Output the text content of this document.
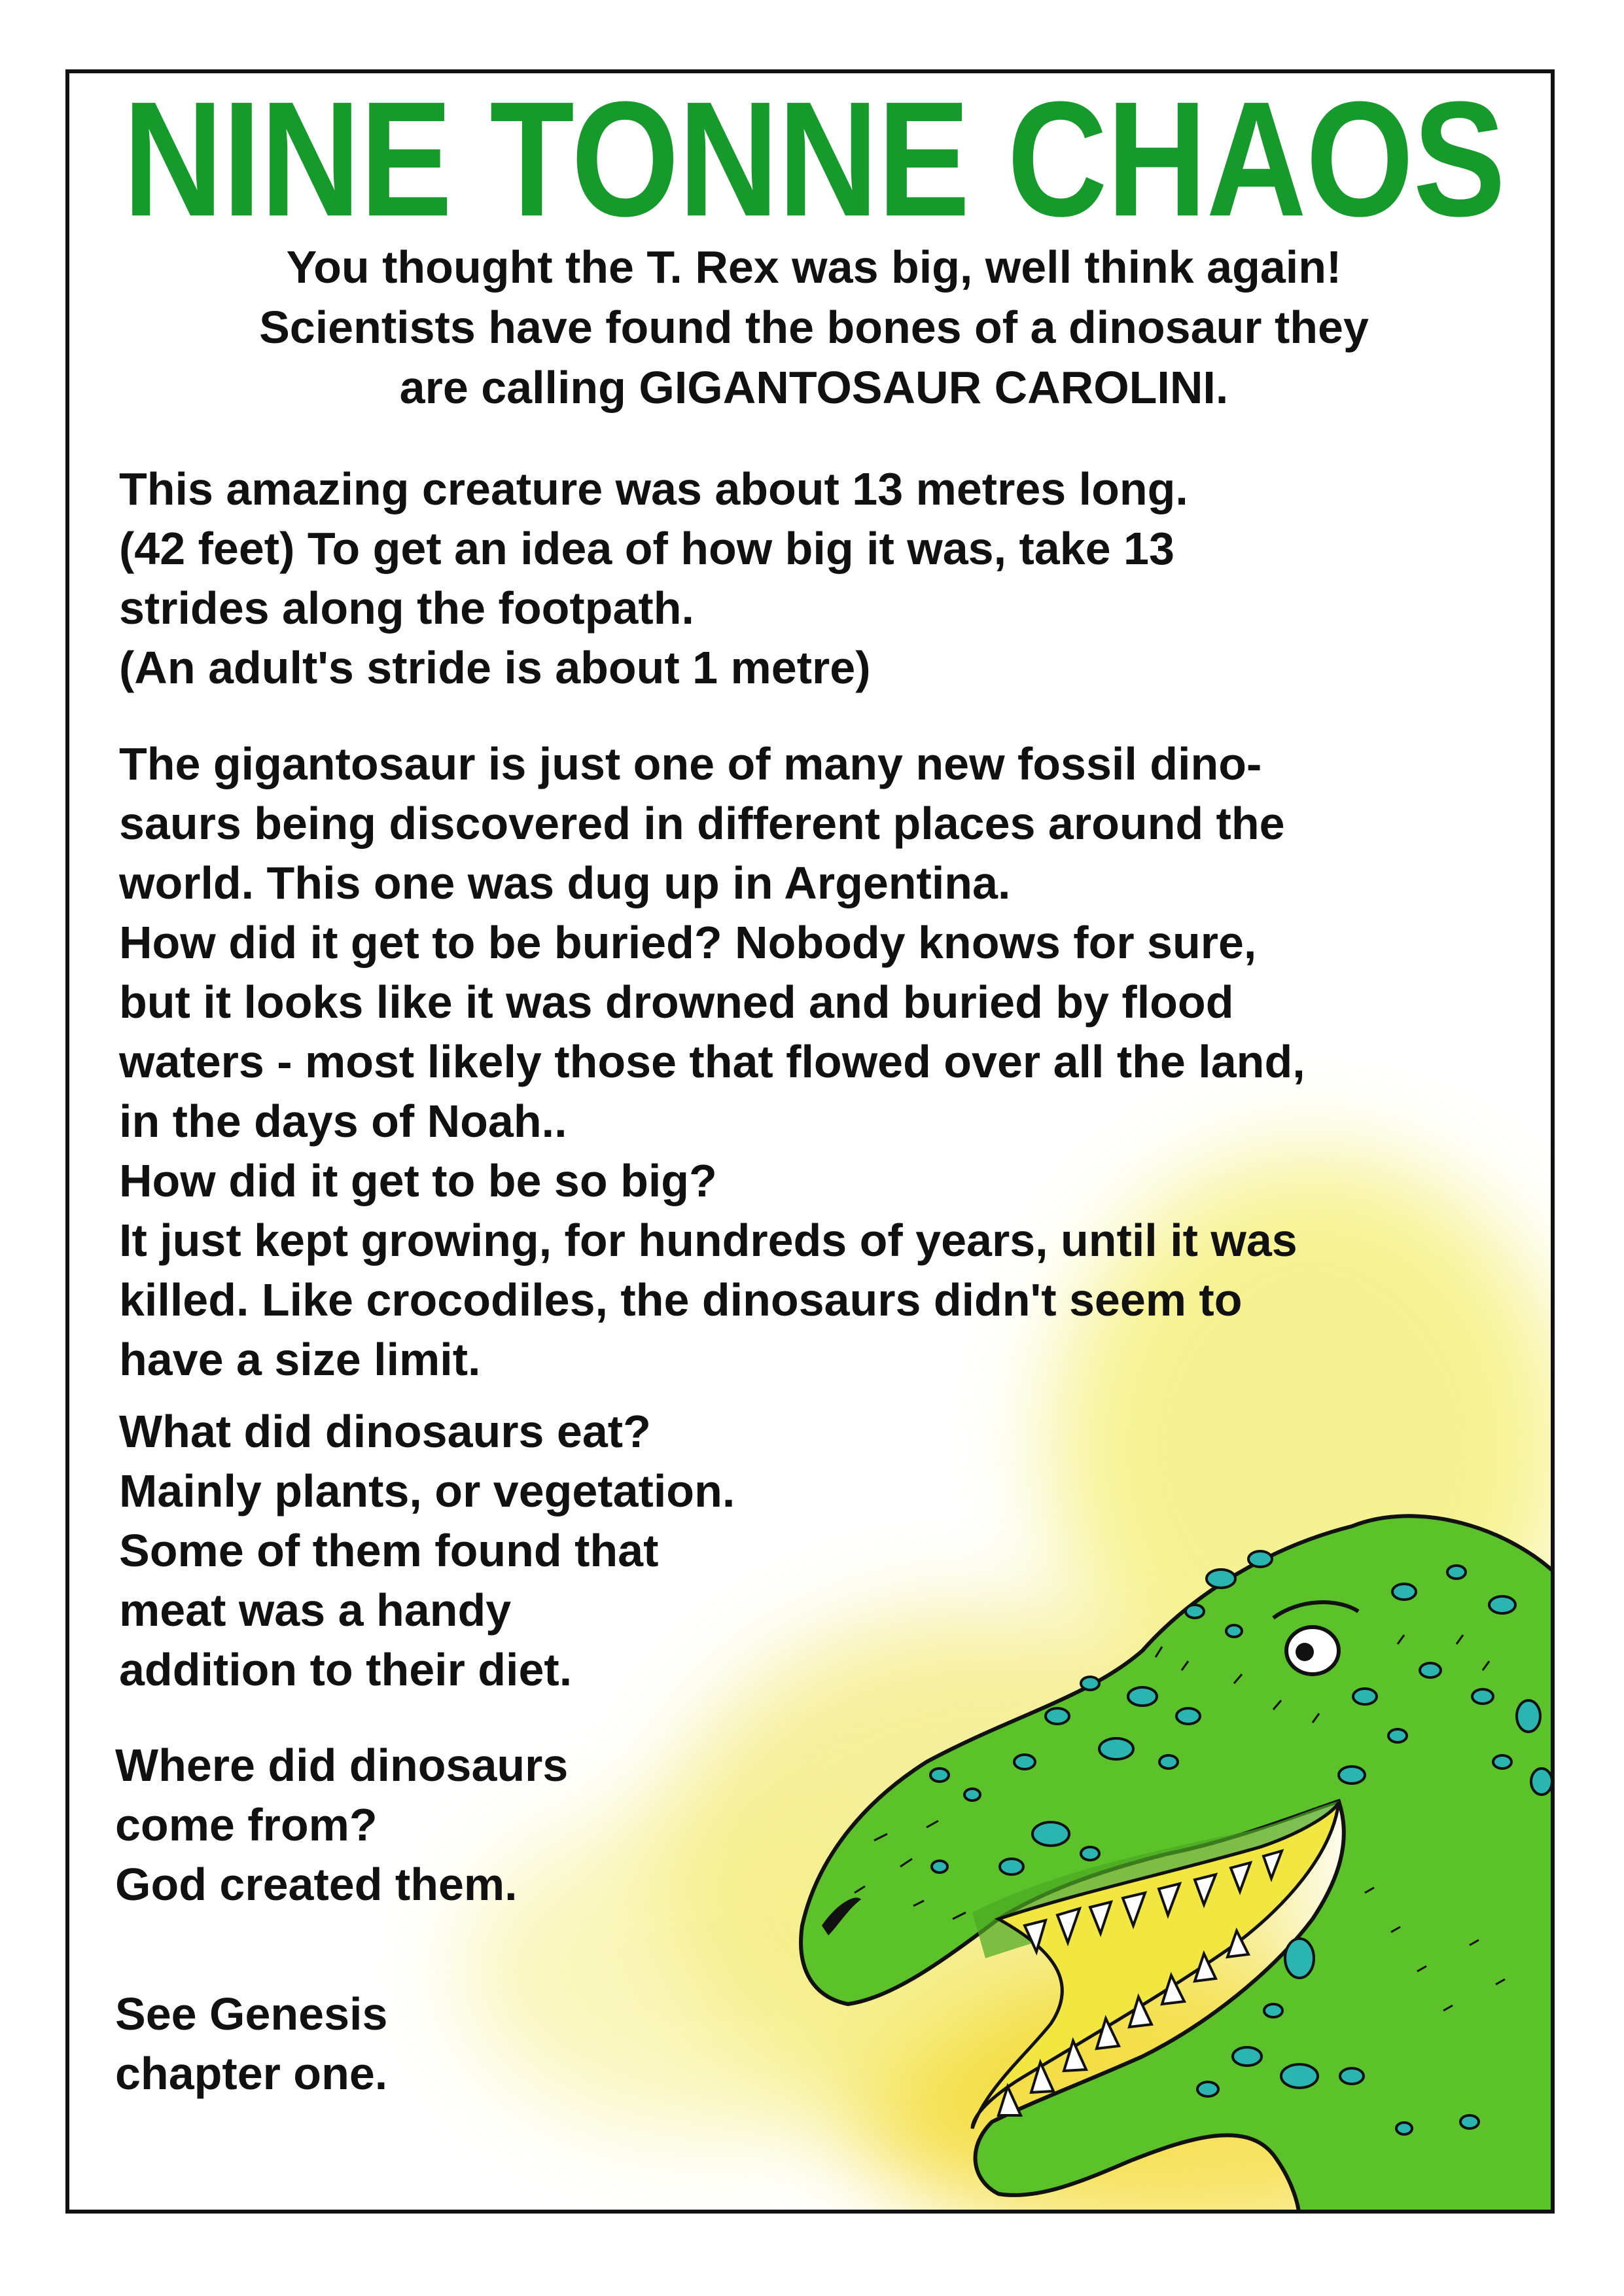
NINE TONNE CHAOS
You thought the T. Rex was big, well think again!
Scientists have found the bones of a dinosaur they
are calling GIGANTOSAUR CAROLINI.
This amazing creature was about 13 metres long.
(42 feet) To get an idea of how big it was, take 13
strides along the footpath.
(An adult's stride is about 1 metre)
The gigantosaur is just one of many new fossil dino-
saurs being discovered in different places around the
world. This one was dug up in Argentina.
How did it get to be buried? Nobody knows for sure,
but it looks like it was drowned and buried by flood
waters - most likely those that flowed over all the land,
in the days of Noah..
How did it get to be so big?
It just kept growing, for hundreds of years, until it was
killed. Like crocodiles, the dinosaurs didn't seem to
have a size limit.
What did dinosaurs eat?
Mainly plants, or vegetation.
Some of them found that
meat was a handy
addition to their diet.
Where did dinosaurs
come from?
God created them.
See Genesis
chapter one.
